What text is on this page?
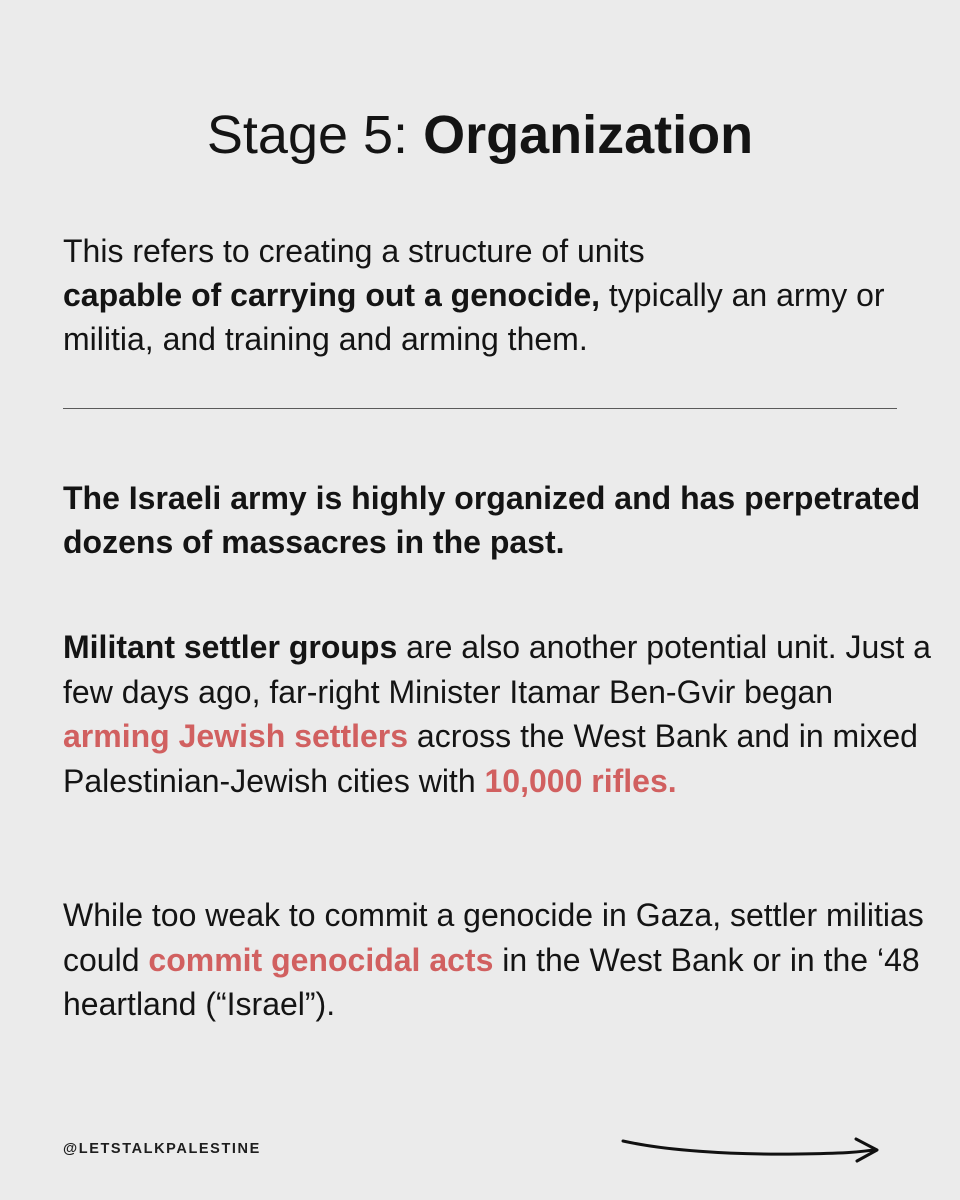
Stage 5: Organization
This refers to creating a structure of units
capable of carrying out a genocide, typically an army or militia, and training and arming them.
The Israeli army is highly organized and has perpetrated dozens of massacres in the past.
Militant settler groups are also another potential unit. Just a few days ago, far-right Minister Itamar Ben-Gvir began arming Jewish settlers across the West Bank and in mixed Palestinian-Jewish cities with 10,000 rifles.
While too weak to commit a genocide in Gaza, settler militias could commit genocidal acts in the West Bank or in the ‘48 heartland (“Israel”).
@LETSTALKPALESTINE
